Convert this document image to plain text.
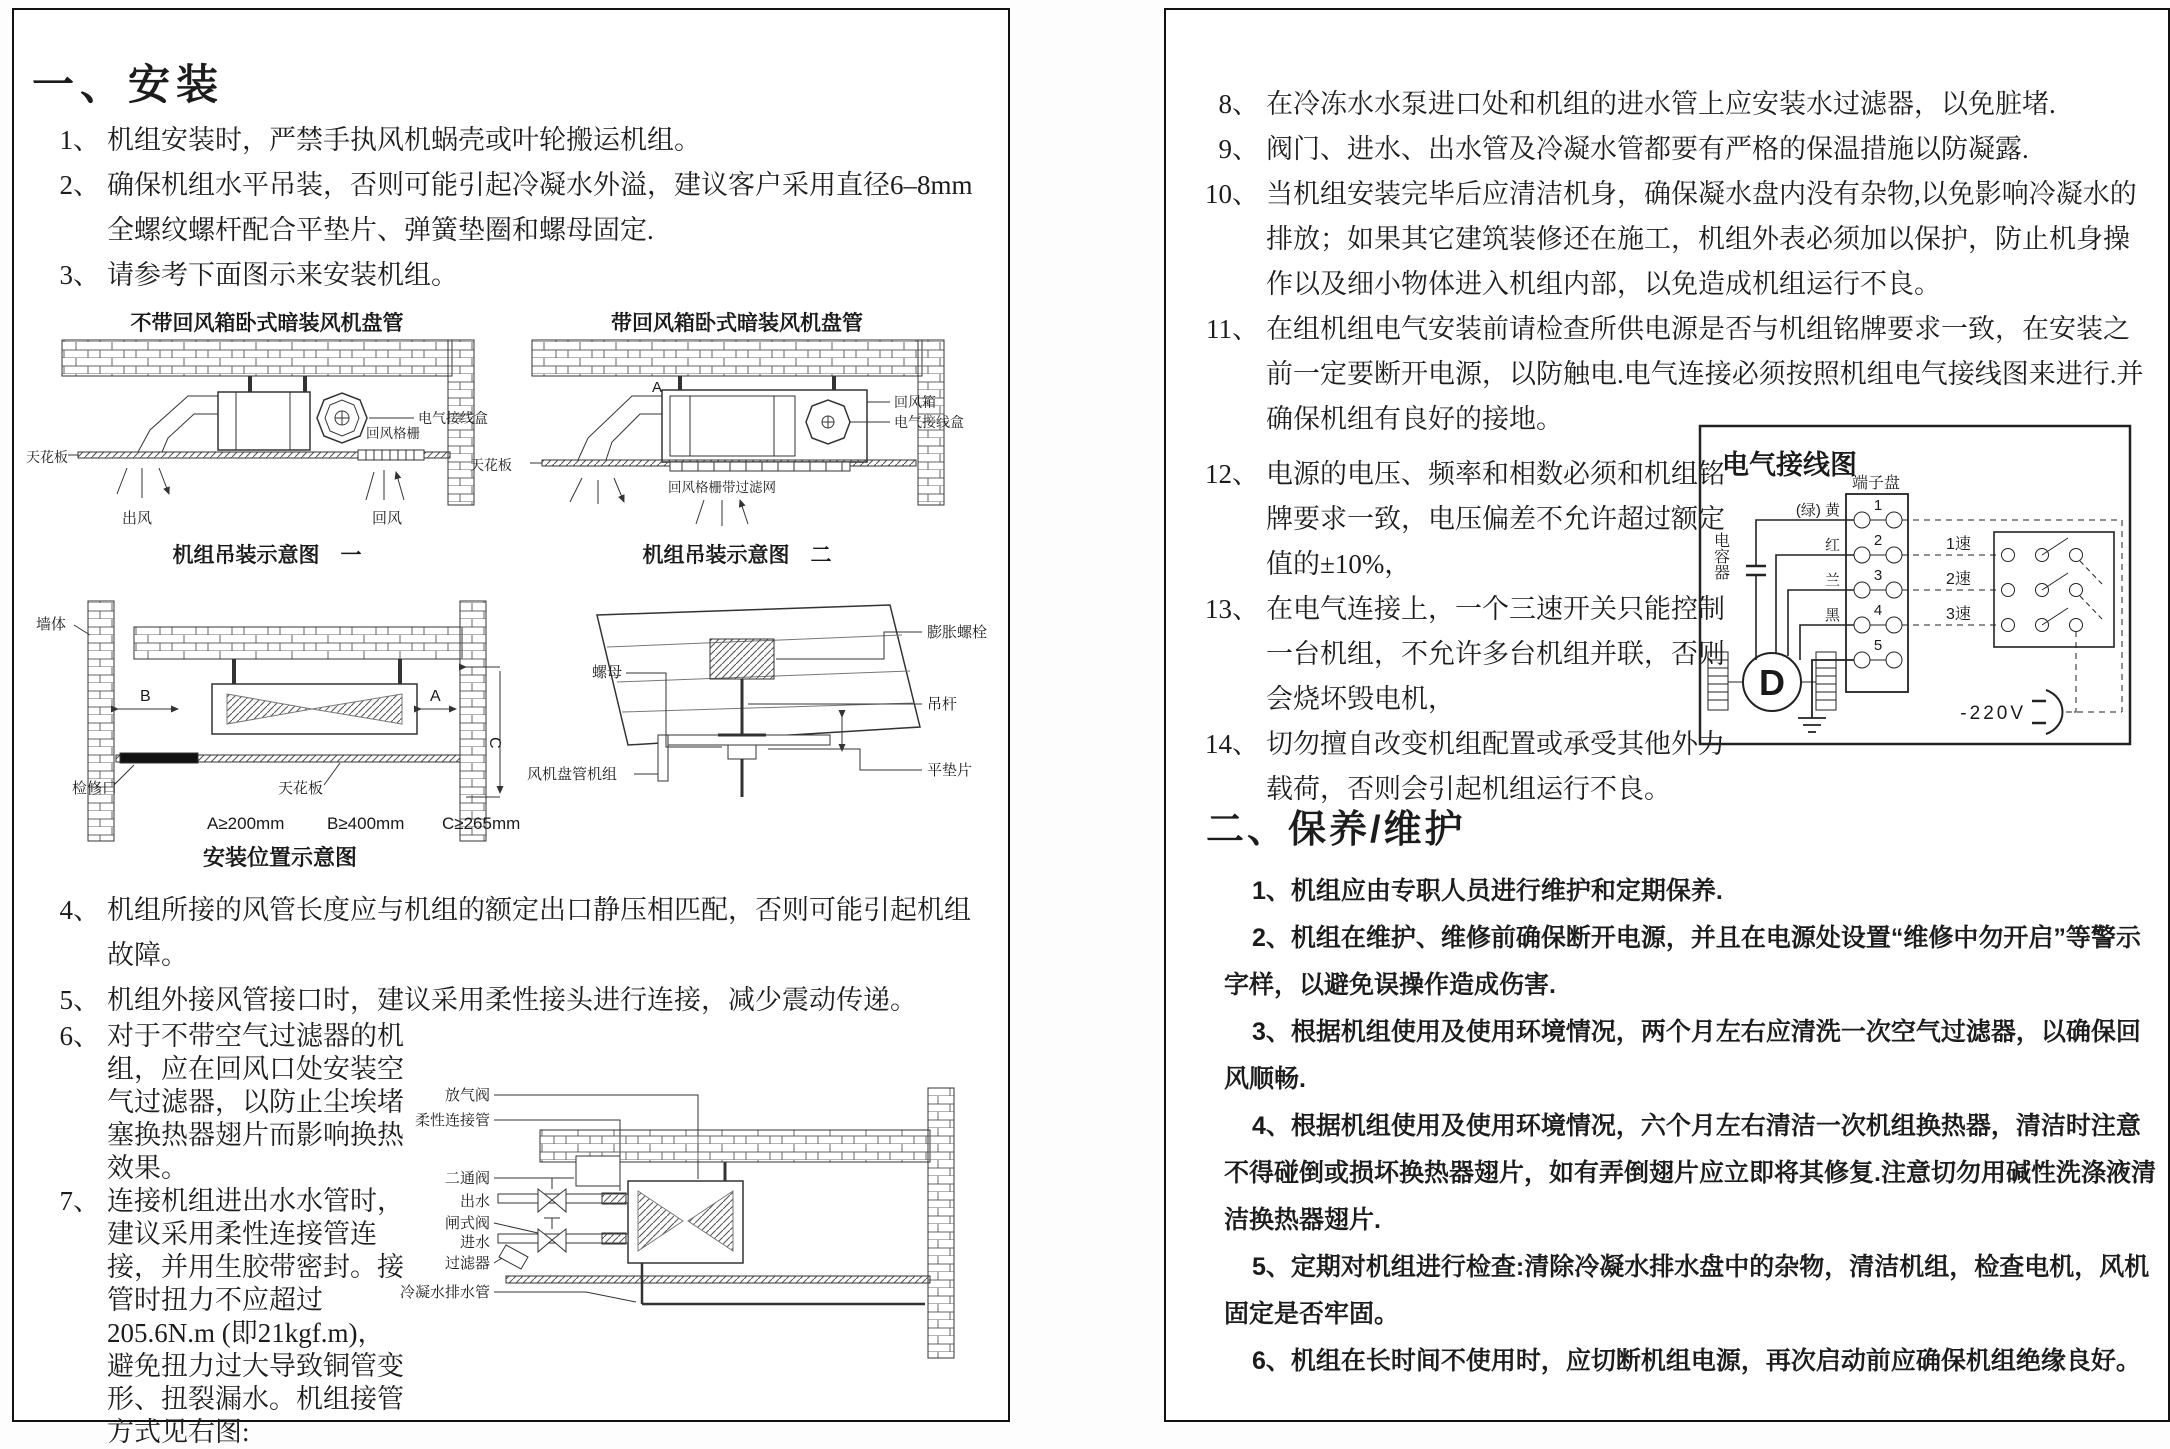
一、安装
1、 机组安装时，严禁手执风机蜗壳或叶轮搬运机组。
2、 确保机组水平吊装，否则可能引起冷凝水外溢，建议客户采用直径6–8mm全螺纹螺杆配合平垫片、弹簧垫圈和螺母固定.
3、 请参考下面图示来安装机组。
不带回风箱卧式暗装风机盘管
电气接线盒
天花板
回风格栅
出风	回风
机组吊装示意图　一
带回风箱卧式暗装风机盘管
A
回风箱
电气接线盒
天花板
回风格栅带过滤网
机组吊装示意图　二
墙体
B	A
C
检修口	天花板
A≥200mm	B≥400mm C≥265mm
安装位置示意图
螺母
风机盘管机组
膨胀螺栓
吊杆
平垫片
4、 机组所接的风管长度应与机组的额定出口静压相匹配，否则可能引起机组故障。
5、 机组外接风管接口时，建议采用柔性接头进行连接，减少震动传递。
6、 对于不带空气过滤器的机组，应在回风口处安装空气过滤器，以防止尘埃堵塞换热器翅片而影响换热效果。
7、 连接机组进出水水管时，建议采用柔性连接管连接，并用生胶带密封。接管时扭力不应超过205.6N.m (即21kgf.m)，避免扭力过大导致铜管变形、扭裂漏水。机组接管方式见右图:
放气阀
柔性连接管
二通阀
出水
闸式阀
进水
过滤器
冷凝水排水管
8、 在冷冻水水泵进口处和机组的进水管上应安装水过滤器，以免脏堵.
9、 阀门、进水、出水管及冷凝水管都要有严格的保温措施以防凝露.
10、 当机组安装完毕后应清洁机身，确保凝水盘内没有杂物,以免影响冷凝水的排放；如果其它建筑装修还在施工，机组外表必须加以保护，防止机身操作以及细小物体进入机组内部，以免造成机组运行不良。
11、 在组机组电气安装前请检查所供电源是否与机组铭牌要求一致，在安装之前一定要断开电源，以防触电.电气连接必须按照机组电气接线图来进行.并确保机组有良好的接地。
12、 电源的电压、频率和相数必须和机组铭牌要求一致，电压偏差不允许超过额定值的±10%，
13、 在电气连接上，一个三速开关只能控制一台机组，不允许多台机组并联，否则会烧坏毁电机，
14、 切勿擅自改变机组配置或承受其他外力载荷，否则会引起机组运行不良。
电气接线图
端子盘
1
2
3
4
5
(绿) 黄
红
兰
黑
电容器
D
1速
2速
3速
-220V
二、保养/维护
1、机组应由专职人员进行维护和定期保养.
2、机组在维护、维修前确保断开电源，并且在电源处设置“维修中勿开启”等警示字样，以避免误操作造成伤害.
3、根据机组使用及使用环境情况，两个月左右应清洗一次空气过滤器，以确保回风顺畅.
4、根据机组使用及使用环境情况，六个月左右清洁一次机组换热器，清洁时注意不得碰倒或损坏换热器翅片，如有弄倒翅片应立即将其修复.注意切勿用碱性洗涤液清洁换热器翅片.
5、定期对机组进行检查:清除冷凝水排水盘中的杂物，清洁机组，检查电机，风机固定是否牢固。
6、机组在长时间不使用时，应切断机组电源，再次启动前应确保机组绝缘良好。
